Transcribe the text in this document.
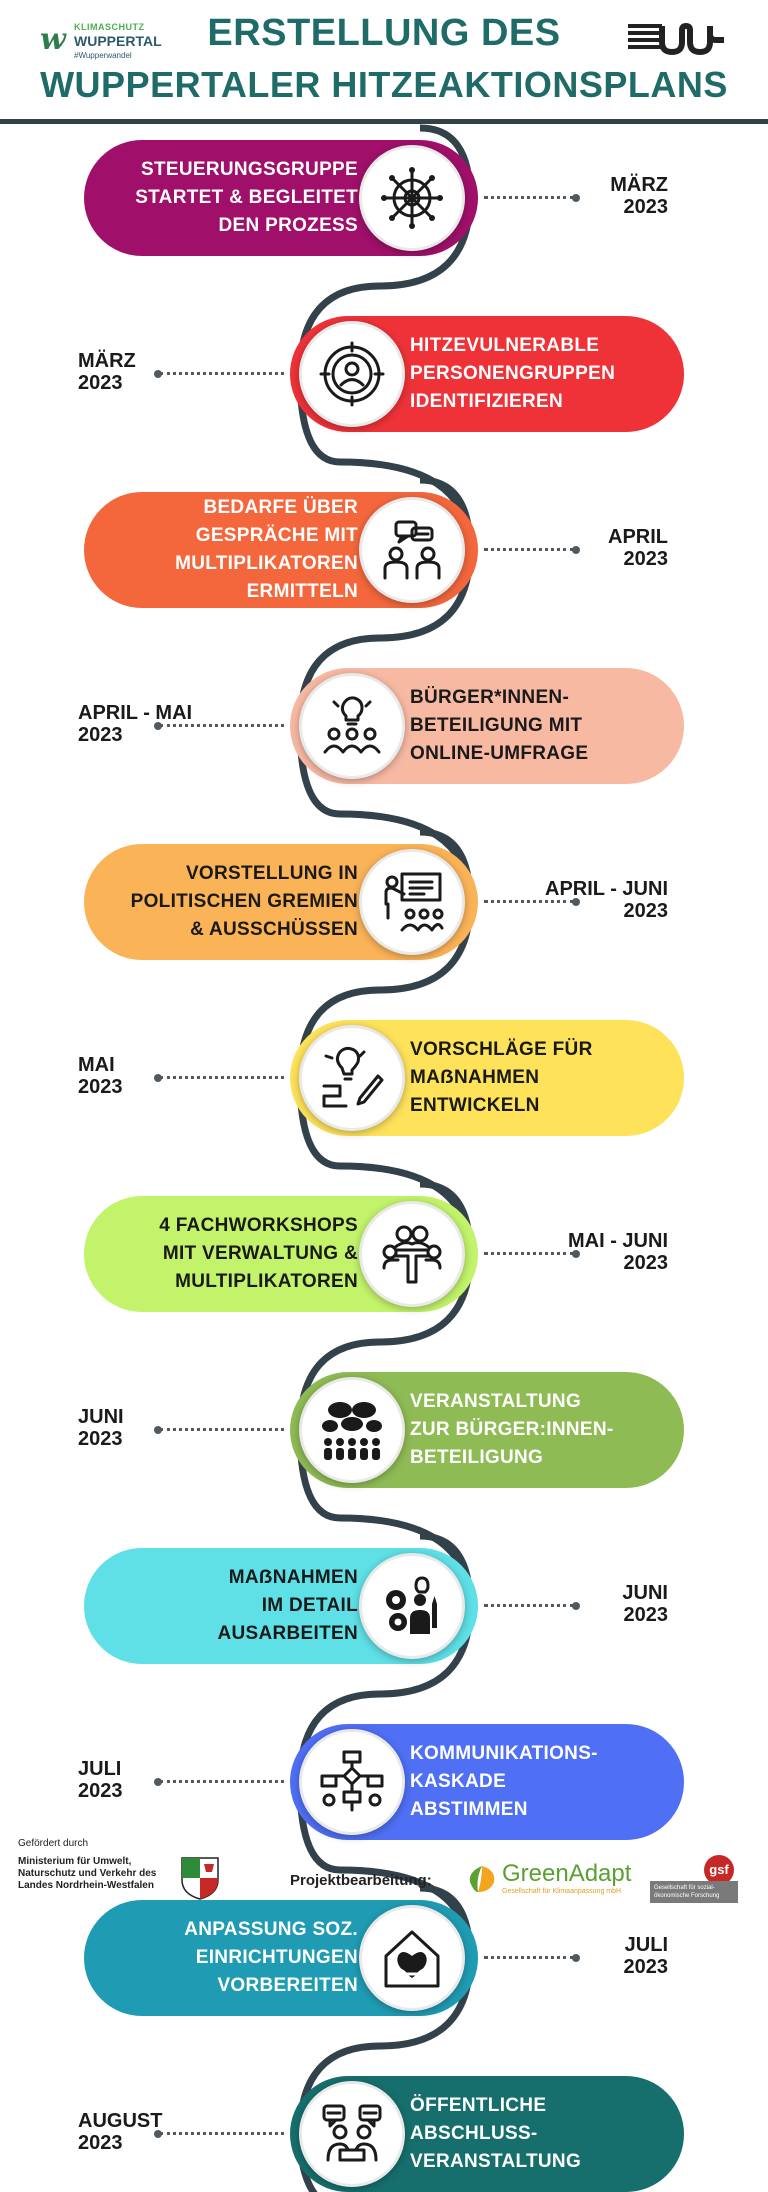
w KLIMASCHUTZ
WUPPERTAL
#Wupperwandel
ERSTELLUNG DES
WUPPERTALER HITZEAKTIONSPLANS
STEUERUNGSGRUPPE
STARTET & BEGLEITET
DEN PROZESS
MÄRZ
2023
HITZEVULNERABLE
PERSONENGRUPPEN
IDENTIFIZIEREN
MÄRZ
2023
BEDARFE ÜBER
GESPRÄCHE MIT
MULTIPLIKATOREN
ERMITTELN
APRIL
2023
BÜRGER*INNEN-
BETEILIGUNG MIT
ONLINE-UMFRAGE
APRIL - MAI
2023
VORSTELLUNG IN
POLITISCHEN GREMIEN
& AUSSCHÜSSEN
APRIL - JUNI
2023
VORSCHLÄGE FÜR
MAẞNAHMEN
ENTWICKELN
MAI
2023
4 FACHWORKSHOPS
MIT VERWALTUNG &
MULTIPLIKATOREN
MAI - JUNI
2023
VERANSTALTUNG
ZUR BÜRGER:INNEN-
BETEILIGUNG
JUNI
2023
MAẞNAHMEN
IM DETAIL
AUSARBEITEN
JUNI
2023
KOMMUNIKATIONS-
KASKADE
ABSTIMMEN
JULI
2023
ANPASSUNG SOZ.
EINRICHTUNGEN
VORBEREITEN
JULI
2023
ÖFFENTLICHE
ABSCHLUSS-
VERANSTALTUNG
AUGUST
2023
Gefördert durch
Ministerium für Umwelt, Naturschutz und Verkehr des Landes Nordrhein-Westfalen	Projektbearbeitung:	GreenAdapt
Gesellschaft für Klimaanpassung mbH
gsf
Gesellschaft für sozial-ökonomische Forschung
